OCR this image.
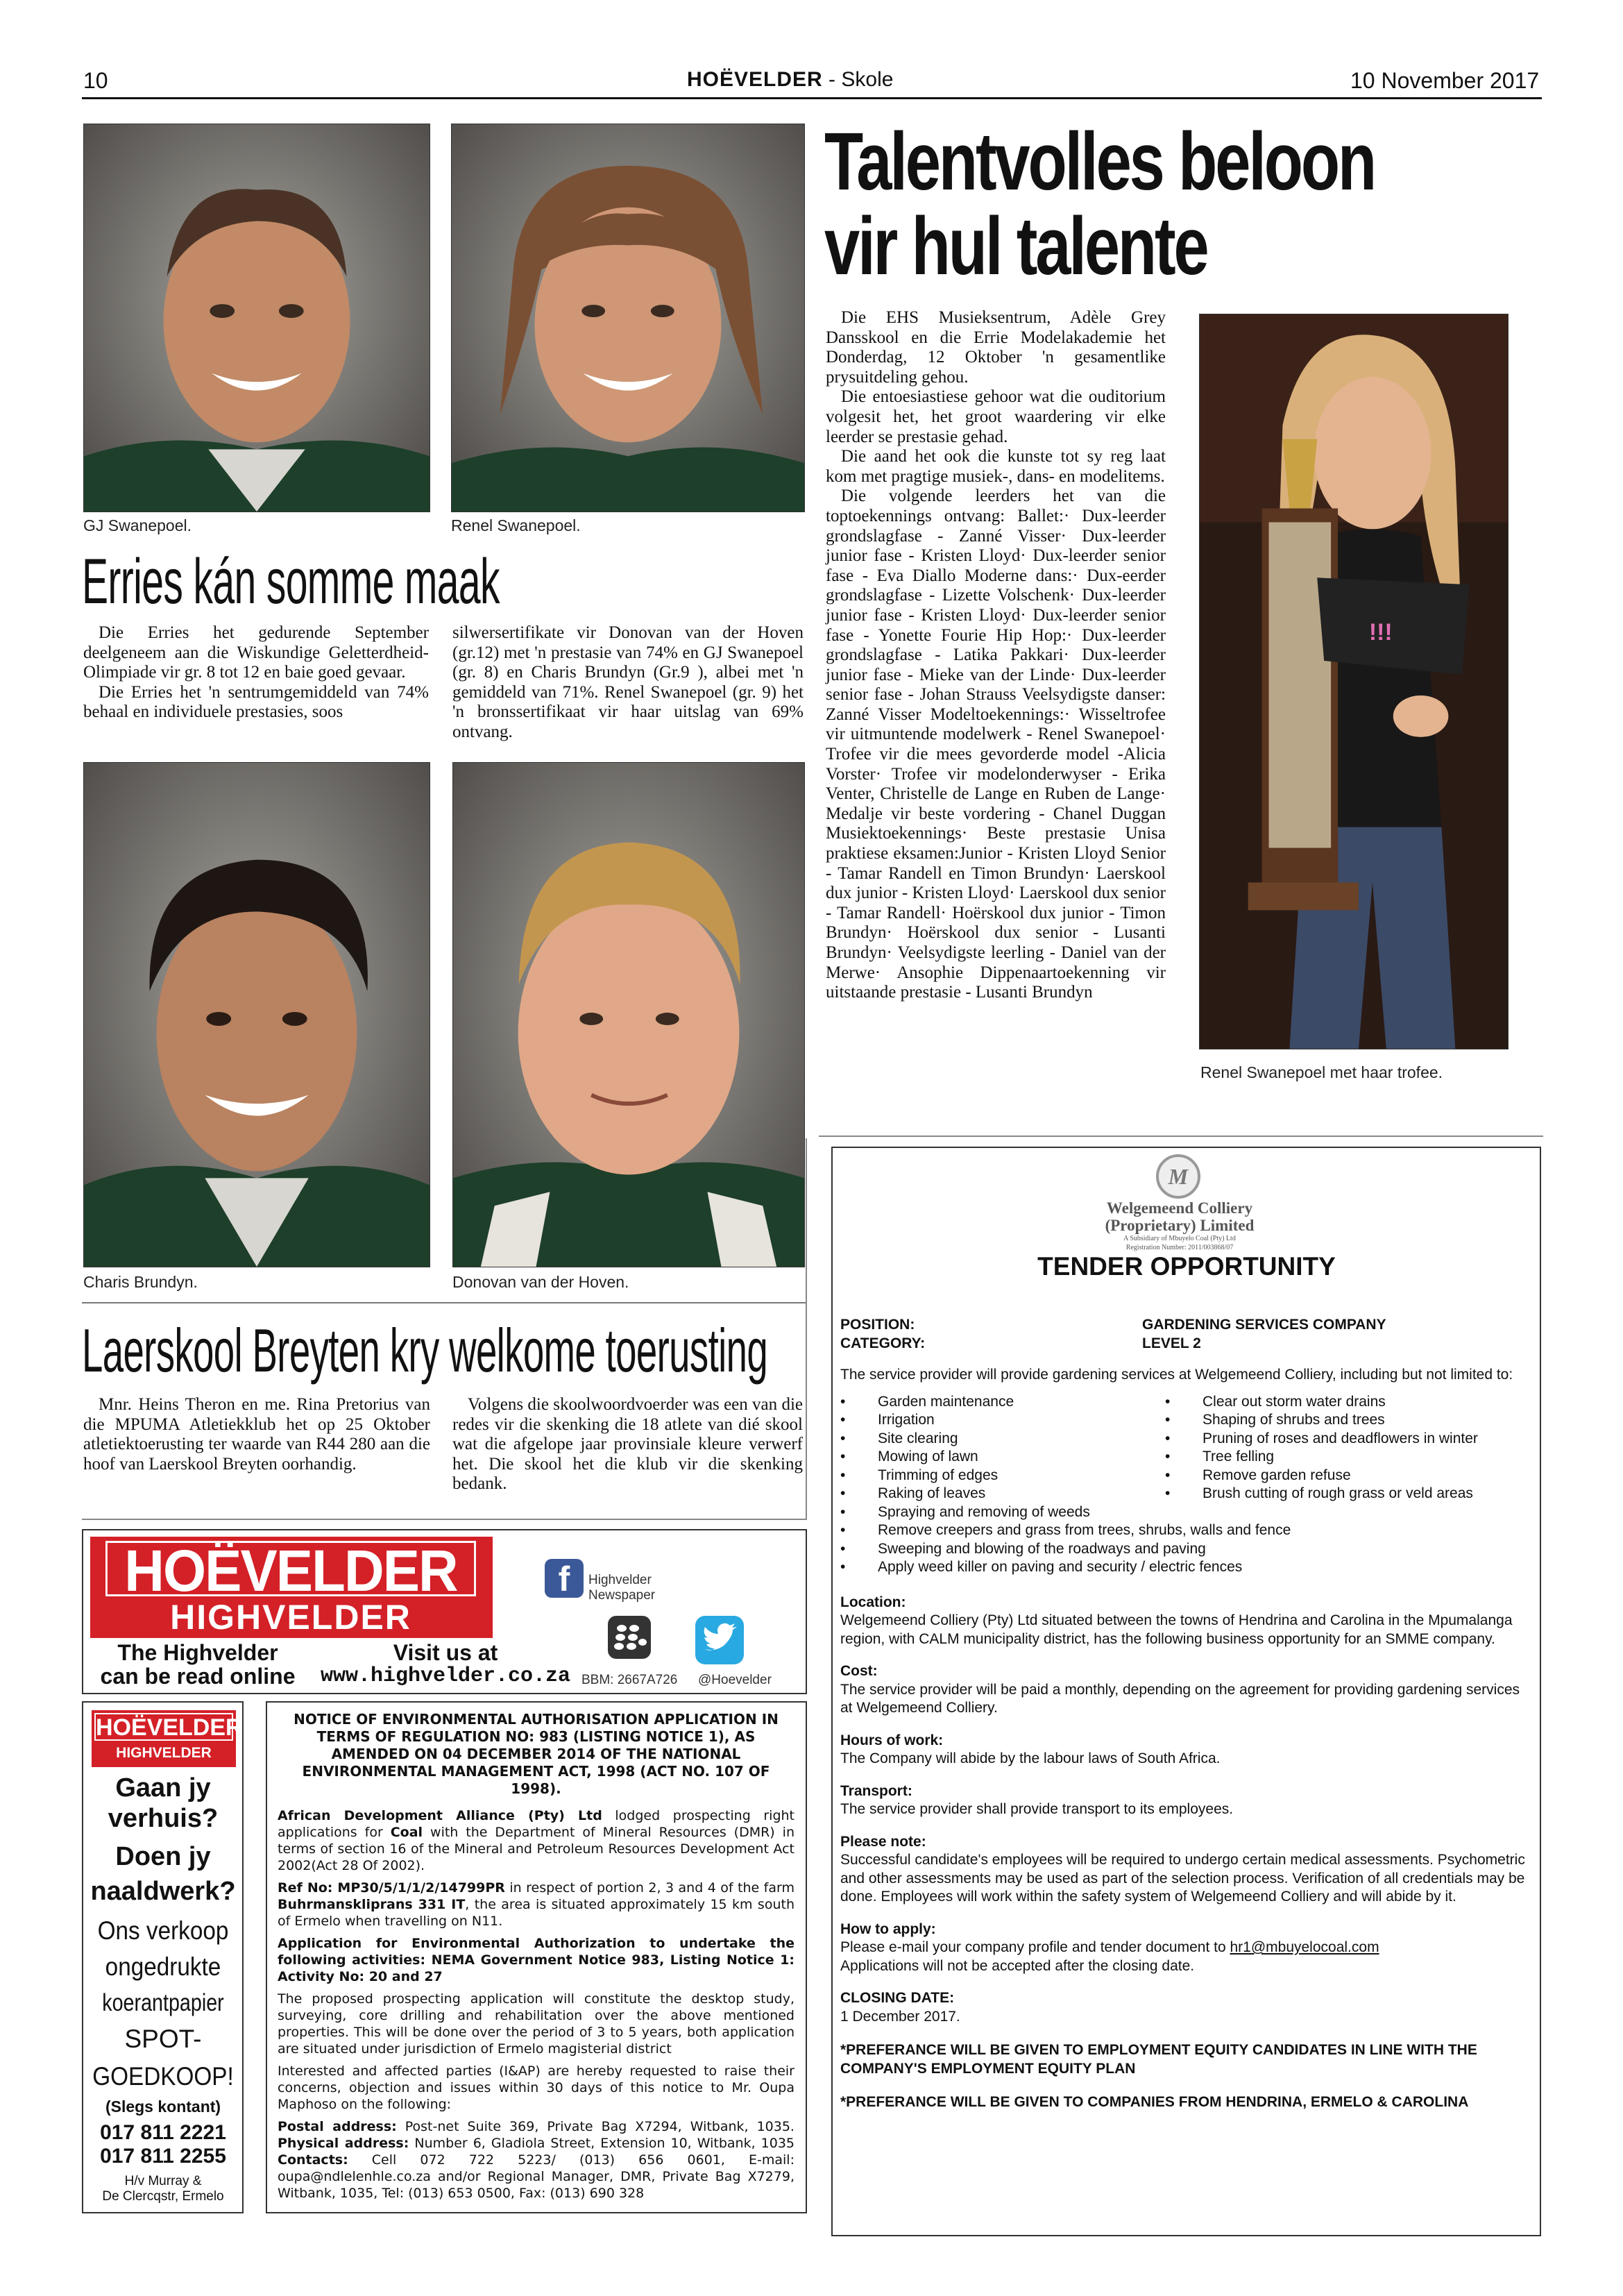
10	HOËVELDER - Skole	10 November 2017
GJ Swanepoel.	Renel Swanepoel.
Erries kán somme maak

Die Erries het gedurende September deelgeneem aan die Wiskundige Geletterdheid-Olimpiade vir gr. 8 tot 12 en baie goed gevaar.

Die Erries het 'n sentrumgemiddeld van 74% behaal en individuele prestasies, soos

silwersertifikate vir Donovan van der Hoven (gr.12) met 'n prestasie van 74% en GJ Swanepoel (gr. 8) en Charis Brundyn (Gr.9 ), albei met 'n gemiddeld van 71%. Renel Swanepoel (gr. 9) het 'n bronssertifikaat vir haar uitslag van 69% ontvang.

Charis Brundyn.	Donovan van der Hoven.
Laerskool Breyten kry welkome toerusting

Mnr. Heins Theron en me. Rina Pretorius van die MPUMA Atletiekklub het op 25 Oktober atletiektoerusting ter waarde van R44 280 aan die hoof van Laerskool Breyten oorhandig.

Volgens die skoolwoordvoerder was een van die redes vir die skenking die 18 atlete van dié skool wat die afgelope jaar provinsiale kleure verwerf het. Die skool het die klub vir die skenking bedank.

Talentvolles beloon
vir hul talente

Die EHS Musieksentrum, Adèle Grey Dansskool en die Errie Modelakademie het Donderdag, 12 Oktober 'n gesamentlike prysuitdeling gehou.

Die entoesiastiese gehoor wat die ouditorium volgesit het, het groot waardering vir elke leerder se prestasie gehad.

Die aand het ook die kunste tot sy reg laat kom met pragtige musiek-, dans- en modelitems.

Die volgende leerders het van die toptoekennings ontvang: Ballet:· Dux-leerder grondslagfase - Zanné Visser· Dux-leerder junior fase - Kristen Lloyd· Dux-leerder senior fase - Eva Diallo Moderne dans:· Dux-eerder grondslagfase - Lizette Volschenk· Dux-leerder junior fase - Kristen Lloyd· Dux-leerder senior fase - Yonette Fourie Hip Hop:· Dux-leerder grondslagfase - Latika Pakkari· Dux-leerder junior fase - Mieke van der Linde· Dux-leerder senior fase - Johan Strauss Veelsydigste danser: Zanné Visser Modeltoekennings:· Wisseltrofee vir uitmuntende modelwerk - Renel Swanepoel· Trofee vir die mees gevorderde model -Alicia Vorster· Trofee vir modelonderwyser - Erika Venter, Christelle de Lange en Ruben de Lange· Medalje vir beste vordering - Chanel Duggan Musiektoekennings· Beste prestasie Unisa praktiese eksamen:Junior - Kristen Lloyd Senior - Tamar Randell en Timon Brundyn· Laerskool dux junior - Kristen Lloyd· Laerskool dux senior - Tamar Randell· Hoërskool dux junior - Timon Brundyn· Hoërskool dux senior - Lusanti Brundyn· Veelsydigste leerling - Daniel van der Merwe· Ansophie Dippenaartoekenning vir uitstaande prestasie - Lusanti Brundyn

!!!
Renel Swanepoel met haar trofee.
M
Welgemeend Colliery
(Proprietary) Limited
A Subsidiary of Mbuyelo Coal (Pty) Ltd
Registration Number: 2011/003868/07
TENDER OPPORTUNITY
POSITION:	GARDENING SERVICES COMPANY
CATEGORY:	LEVEL 2
The service provider will provide gardening services at Welgemeend Colliery, including but not limited to:
• Garden maintenance
• Irrigation
• Site clearing
• Mowing of lawn
• Trimming of edges
• Raking of leaves
• Clear out storm water drains
• Shaping of shrubs and trees
• Pruning of roses and deadflowers in winter
• Tree felling
• Remove garden refuse
• Brush cutting of rough grass or veld areas
• Spraying and removing of weeds
• Remove creepers and grass from trees, shrubs, walls and fence
• Sweeping and blowing of the roadways and paving
• Apply weed killer on paving and security / electric fences
Location:
Welgemeend Colliery (Pty) Ltd situated between the towns of Hendrina and Carolina in the Mpumalanga region, with CALM municipality district, has the following business opportunity for an SMME company.
Cost:
The service provider will be paid a monthly, depending on the agreement for providing gardening services at Welgemeend Colliery.
Hours of work:
The Company will abide by the labour laws of South Africa.
Transport:
The service provider shall provide transport to its employees.
Please note:
Successful candidate's employees will be required to undergo certain medical assessments. Psychometric and other assessments may be used as part of the selection process. Verification of all credentials may be done. Employees will work within the safety system of Welgemeend Colliery and will abide by it.
How to apply:
Please e-mail your company profile and tender document to hr1@mbuyelocoal.com
Applications will not be accepted after the closing date.
CLOSING DATE:
1 December 2017.
*PREFERANCE WILL BE GIVEN TO EMPLOYMENT EQUITY CANDIDATES IN LINE WITH THE COMPANY'S EMPLOYMENT EQUITY PLAN
*PREFERANCE WILL BE GIVEN TO COMPANIES FROM HENDRINA, ERMELO & CAROLINA
HOËVELDER
HIGHVELDER
The Highvelder
can be read online
Visit us at
www.highvelder.co.za
f	Highvelder Newspaper
BBM: 2667A726 @Hoevelder
HOËVELDER
HIGHVELDER
Gaan jy
verhuis?
Doen jy
naaldwerk?
Ons verkoop
ongedrukte
koerantpapier
SPOT-
GOEDKOOP!
(Slegs kontant)
017 811 2221
017 811 2255
H/v Murray &
De Clercqstr, Ermelo

NOTICE OF ENVIRONMENTAL AUTHORISATION APPLICATION IN TERMS OF REGULATION NO: 983 (LISTING NOTICE 1), AS AMENDED ON 04 DECEMBER 2014 OF THE NATIONAL ENVIRONMENTAL MANAGEMENT ACT, 1998 (ACT NO. 107 OF 1998).

African Development Alliance (Pty) Ltd lodged prospecting right applications for Coal with the Department of Mineral Resources (DMR) in terms of section 16 of the Mineral and Petroleum Resources Development Act 2002(Act 28 Of 2002).

Ref No: MP30/5/1/1/2/14799PR in respect of portion 2, 3 and 4 of the farm Buhrmanskliprans 331 IT, the area is situated approximately 15 km south of Ermelo when travelling on N11.

Application for Environmental Authorization to undertake the following activities: NEMA Government Notice 983, Listing Notice 1: Activity No: 20 and 27

The proposed prospecting application will constitute the desktop study, surveying, core drilling and rehabilitation over the above mentioned properties. This will be done over the period of 3 to 5 years, both application are situated under jurisdiction of Ermelo magisterial district

Interested and affected parties (I&AP) are hereby requested to raise their concerns, objection and issues within 30 days of this notice to Mr. Oupa Maphoso on the following:

Postal address: Post-net Suite 369, Private Bag X7294, Witbank, 1035. Physical address: Number 6, Gladiola Street, Extension 10, Witbank, 1035 Contacts: Cell 072 722 5223/ (013) 656 0601, E-mail: oupa@ndlelenhle.co.za and/or Regional Manager, DMR, Private Bag X7279, Witbank, 1035, Tel: (013) 653 0500, Fax: (013) 690 328
